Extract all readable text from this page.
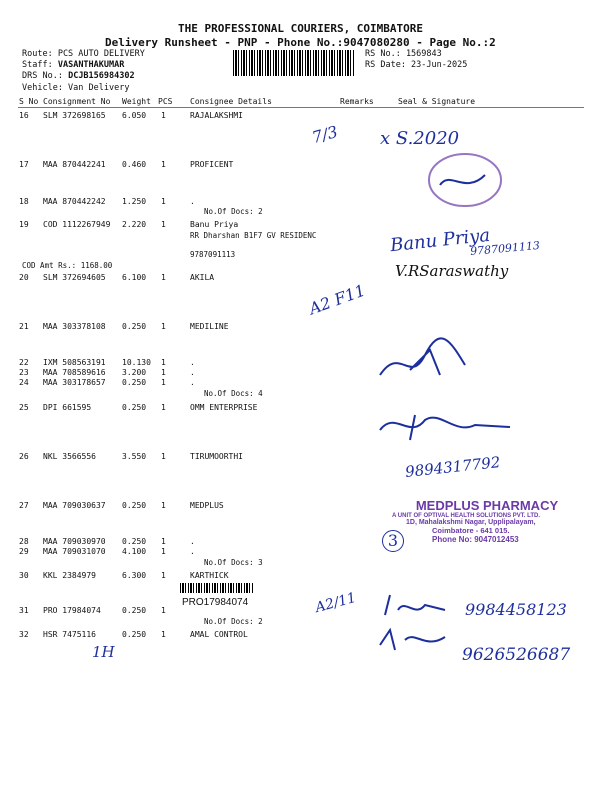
THE PROFESSIONAL COURIERS, COIMBATORE
Delivery Runsheet - PNP - Phone No.:9047080280 - Page No.:2
Route: PCS AUTO DELIVERY
Staff: VASANTHAKUMAR
DRS No.: DCJB156984302
Vehicle: Van Delivery
RS No.: 1569843
RS Date: 23-Jun-2025
S No Consignment No Weight PCS Consignee Details	Remarks	Seal & Signature
16 SLM 372698165 6.050 1	RAJALAKSHMI
17 MAA 870442241 0.460 1	PROFICENT
18 MAA 870442242 1.250 1	.
No.Of Docs: 2
19 COD 1112267949 2.220 1	Banu Priya
RR Dharshan B1F7 GV RESIDENC
9787091113
COD Amt Rs.: 1168.00
20 SLM 372694605 6.100 1	AKILA
21 MAA 303378108 0.250 1	MEDILINE
22 IXM 508563191 10.130 1	.
23 MAA 708589616 3.200 1	.
24 MAA 303178657 0.250 1	.
No.Of Docs: 4
25 DPI 661595	0.250 1	OMM ENTERPRISE
26 NKL 3566556	3.550 1	TIRUMOORTHI
27 MAA 709030637 0.250 1	MEDPLUS
28 MAA 709030970 0.250 1	.
29 MAA 709031070 4.100 1	.
No.Of Docs: 3
30 KKL 2384979	6.300 1	KARTHICK
PRO17984074
31 PRO 17984074	0.250 1
No.Of Docs: 2
32 HSR 7475116	0.250 1	AMAL CONTROL
7/3 x S.2020
Banu Priya
9787091113
V.RSaraswathy
A2 F11
9894317792
A2/11	9984458123
9626526687
1H
MEDPLUS PHARMACY
A UNIT OF OPTIVAL HEALTH SOLUTIONS PVT. LTD.
1D, Mahalakshmi Nagar, Upplipalayam,
Coimbatore - 641 015.
Phone No: 9047012453
3
